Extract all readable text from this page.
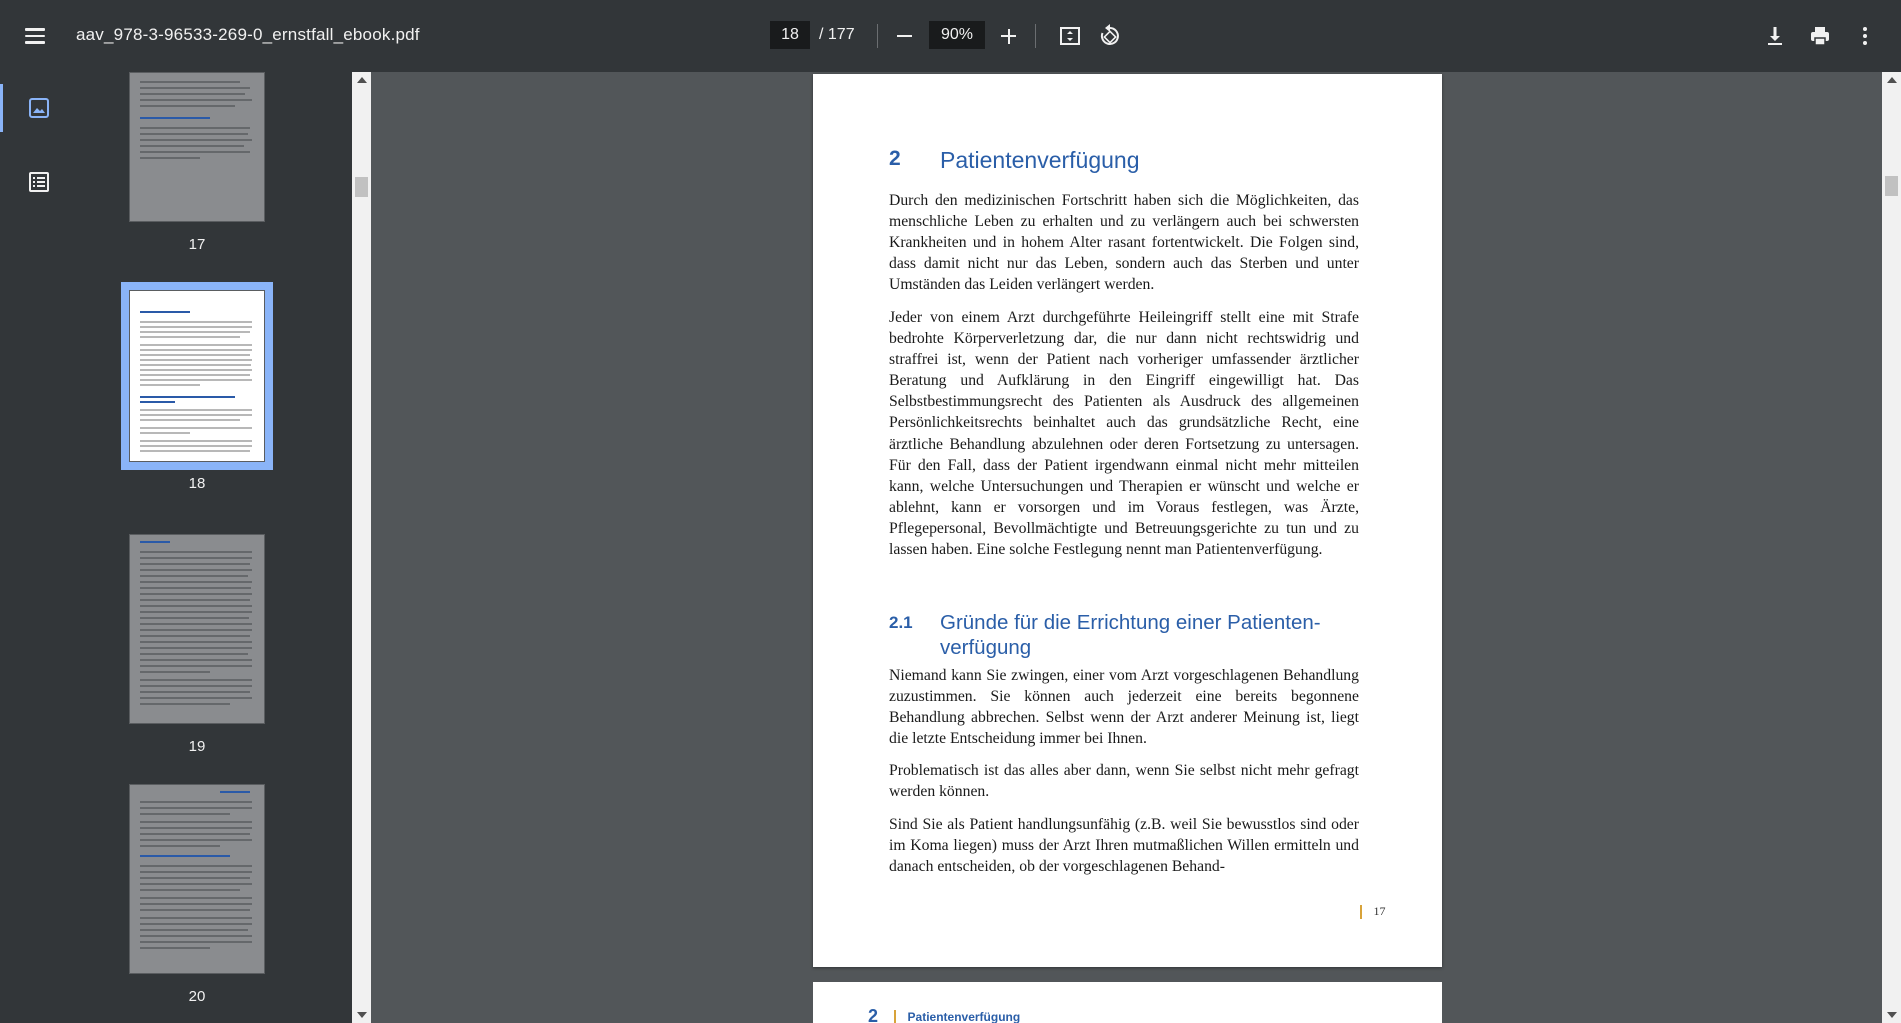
aav_978-3-96533-269-0_ernstfall_ebook.pdf
18	/ 177
90%
17
18
19
20
2	Patientenverfügung

Durch den medizinischen Fortschritt haben sich die Möglichkeiten, das menschliche Leben zu erhalten und zu verlängern auch bei schwersten Krankheiten und in hohem Alter rasant fortentwickelt. Die Folgen sind, dass damit nicht nur das Leben, sondern auch das Sterben und unter Umständen das Leiden verlängert werden.

Jeder von einem Arzt durchgeführte Heileingriff stellt eine mit Strafe bedrohte Körperverletzung dar, die nur dann nicht rechtswidrig und straffrei ist, wenn der Patient nach vorheriger umfassender ärztlicher Beratung und Aufklärung in den Eingriff eingewilligt hat. Das Selbstbestimmungsrecht des Patienten als Ausdruck des allgemeinen Persönlichkeitsrechts beinhaltet auch das grundsätzliche Recht, eine ärztliche Behandlung abzulehnen oder deren Fortsetzung zu untersagen. Für den Fall, dass der Patient irgendwann einmal nicht mehr mitteilen kann, welche Untersuchungen und Therapien er wünscht und welche er ablehnt, kann er vorsorgen und im Voraus festlegen, was Ärzte, Pflegepersonal, Bevollmächtigte und Betreuungsgerichte zu tun und zu lassen haben. Eine solche Festlegung nennt man Patientenverfügung.

2.1	Gründe für die Errichtung einer Patienten-verfügung

Niemand kann Sie zwingen, einer vom Arzt vorgeschlagenen Behandlung zuzustimmen. Sie können auch jederzeit eine bereits begonnene Behandlung abbrechen. Selbst wenn der Arzt anderer Meinung ist, liegt die letzte Entscheidung immer bei Ihnen.

Problematisch ist das alles aber dann, wenn Sie selbst nicht mehr gefragt werden können.

Sind Sie als Patient handlungsunfähig (z.B. weil Sie bewusstlos sind oder im Koma liegen) muss der Arzt Ihren mutmaßlichen Willen ermitteln und danach entscheiden, ob der vorgeschlagenen Behand-

17
2 Patientenverfügung
